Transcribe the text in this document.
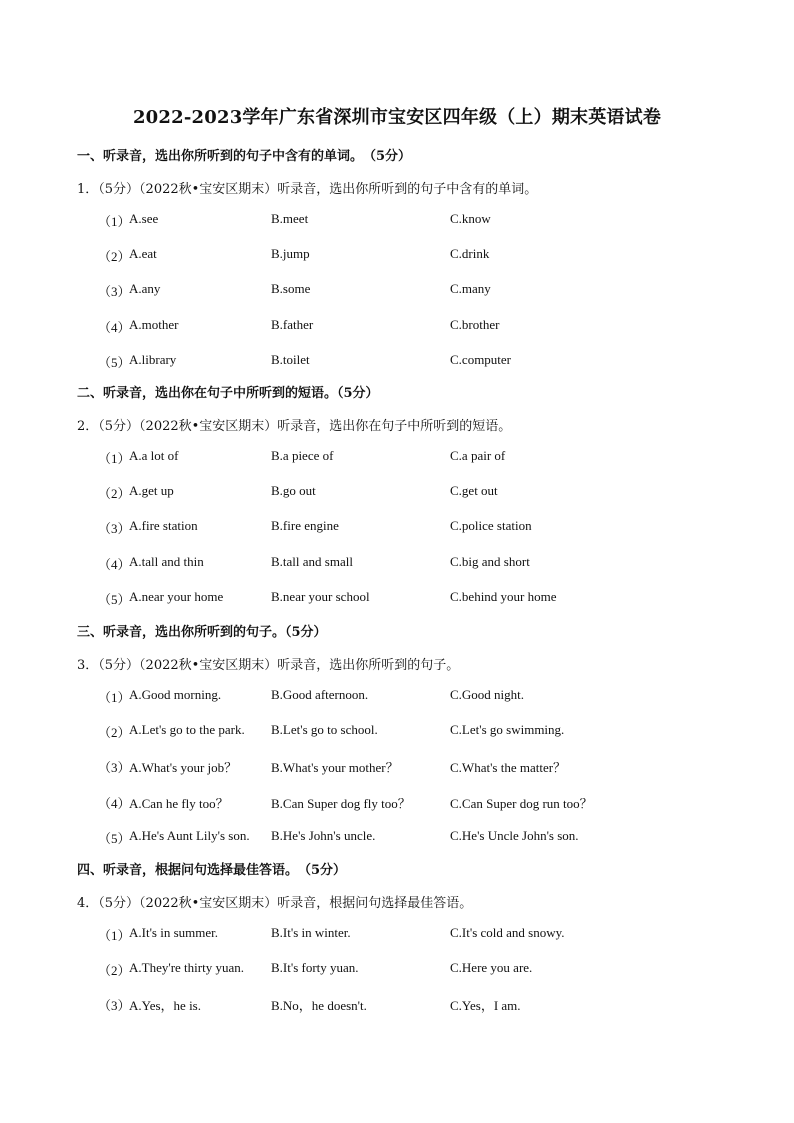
2022-2023学年广东省深圳市宝安区四年级（上）期末英语试卷
一、听录音，选出你所听到的句子中含有的单词。　（5分）
1．（5分）（2022秋•宝安区期末）听录音，选出你所听到的句子中含有的单词。
（1）
A.see	B.meet	C.know
（2）
A.eat	B.jump	C.drink
（3）
A.any	B.some	C.many
（4）
A.mother	B.father	C.brother
（5）
A.library	B.toilet	C.computer
二、听录音，选出你在句子中所听到的短语。（5分）
2．（5分）（2022秋•宝安区期末）听录音，选出你在句子中所听到的短语。
（1）
A.a lot of	B.a piece of	C.a pair of
（2）
A.get up	B.go out	C.get out
（3）
A.fire station	B.fire engine	C.police station
（4）
A.tall and thin	B.tall and small	C.big and short
（5）
A.near your home	B.near your school	C.behind your home
三、听录音，选出你所听到的句子。（5分）
3．（5分）（2022秋•宝安区期末）听录音，选出你所听到的句子。
（1）
A.Good morning.	B.Good afternoon.	C.Good night.
（2）
A.Let's go to the park. B.Let's go to school.	C.Let's go swimming.
（3）
A.What's your job？	B.What's your mother？	C.What's the matter？
（4）
A.Can he fly too？	B.Can Super dog fly too？	C.Can Super dog run too？
（5）
A.He's Aunt Lily's son. B.He's John's uncle.	C.He's Uncle John's son.
四、听录音，根据问句选择最佳答语。　（5分）
4．（5分）（2022秋•宝安区期末）听录音，根据问句选择最佳答语。
（1）
A.It's in summer.	B.It's in winter.	C.It's cold and snowy.
（2）
A.They're thirty yuan. B.It's forty yuan.	C.Here you are.
（3）
A.Yes，he is.	B.No，he doesn't.	C.Yes，I am.
